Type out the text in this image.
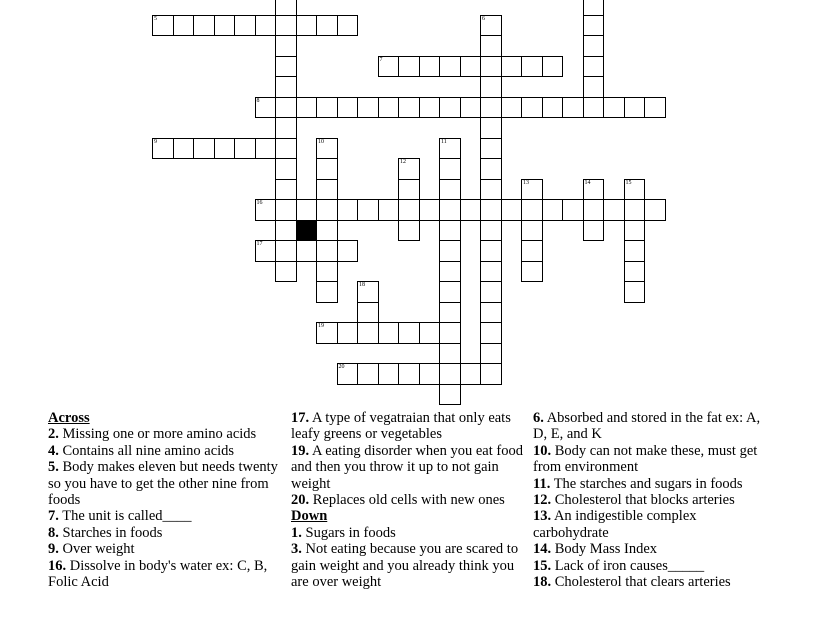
5	6
7
8
9	10	11
12
13	14	15
16
17
18
19
20

Across

2. Missing one or more amino acids

4. Contains all nine amino acids

5. Body makes eleven but needs twenty so you have to get the other nine from foods

7. The unit is called____

8. Starches in foods

9. Over weight

16. Dissolve in body's water ex: C, B, Folic Acid

17. A type of vegatraian that only eats leafy greens or vegetables

19. A eating disorder when you eat food and then you throw it up to not gain weight

20. Replaces old cells with new ones

Down

1. Sugars in foods

3. Not eating because you are scared to gain weight and you already think you are over weight

6. Absorbed and stored in the fat ex: A, D, E, and K

10. Body can not make these, must get from environment

11. The starches and sugars in foods

12. Cholesterol that blocks arteries

13. An indigestible complex carbohydrate

14. Body Mass Index

15. Lack of iron causes_____

18. Cholesterol that clears arteries
